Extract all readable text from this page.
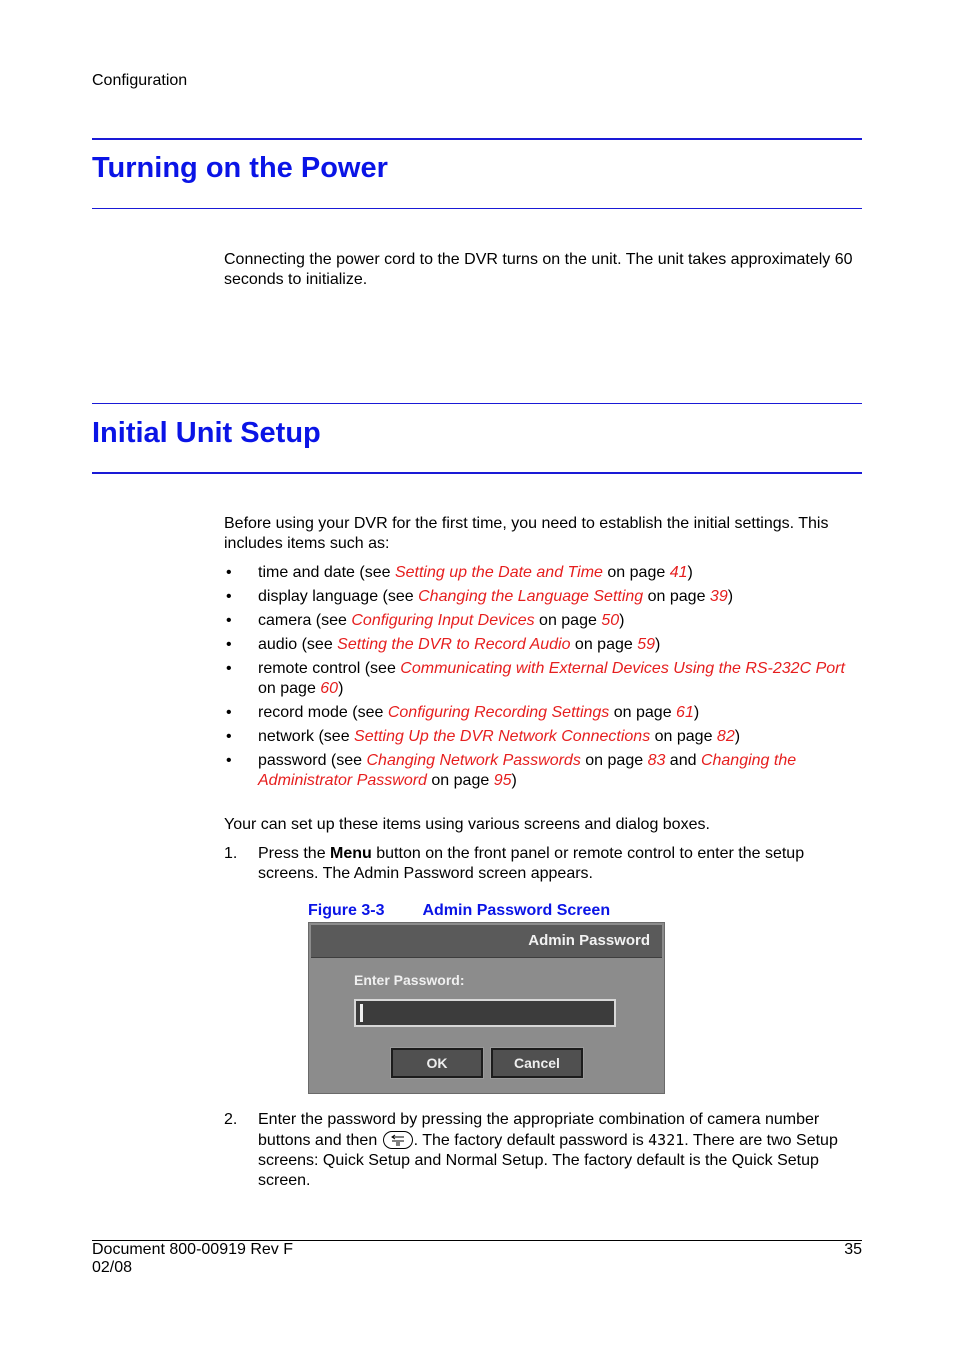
Configuration
Turning on the Power

Connecting the power cord to the DVR turns on the unit. The unit takes approximately 60 seconds to initialize.

Initial Unit Setup

Before using your DVR for the first time, you need to establish the initial settings. This includes items such as:

• time and date (see Setting up the Date and Time on page 41)
• display language (see Changing the Language Setting on page 39)
• camera (see Configuring Input Devices on page 50)
• audio (see Setting the DVR to Record Audio on page 59)
• remote control (see Communicating with External Devices Using the RS-232C Port on page 60)
• record mode (see Configuring Recording Settings on page 61)
• network (see Setting Up the DVR Network Connections on page 82)
• password (see Changing Network Passwords on page 83 and Changing the Administrator Password on page 95)

Your can set up these items using various screens and dialog boxes.

1. Press the Menu button on the front panel or remote control to enter the setup screens. The Admin Password screen appears.
Figure 3-3 Admin Password Screen
Admin Password
Enter Password:
OK	Cancel
2. Enter the password by pressing the appropriate combination of camera number buttons and then
. The factory default password is 4321. There are two Setup screens: Quick Setup and Normal Setup. The factory default is the Quick Setup screen.
Document 800-00919 Rev F
02/08
35
